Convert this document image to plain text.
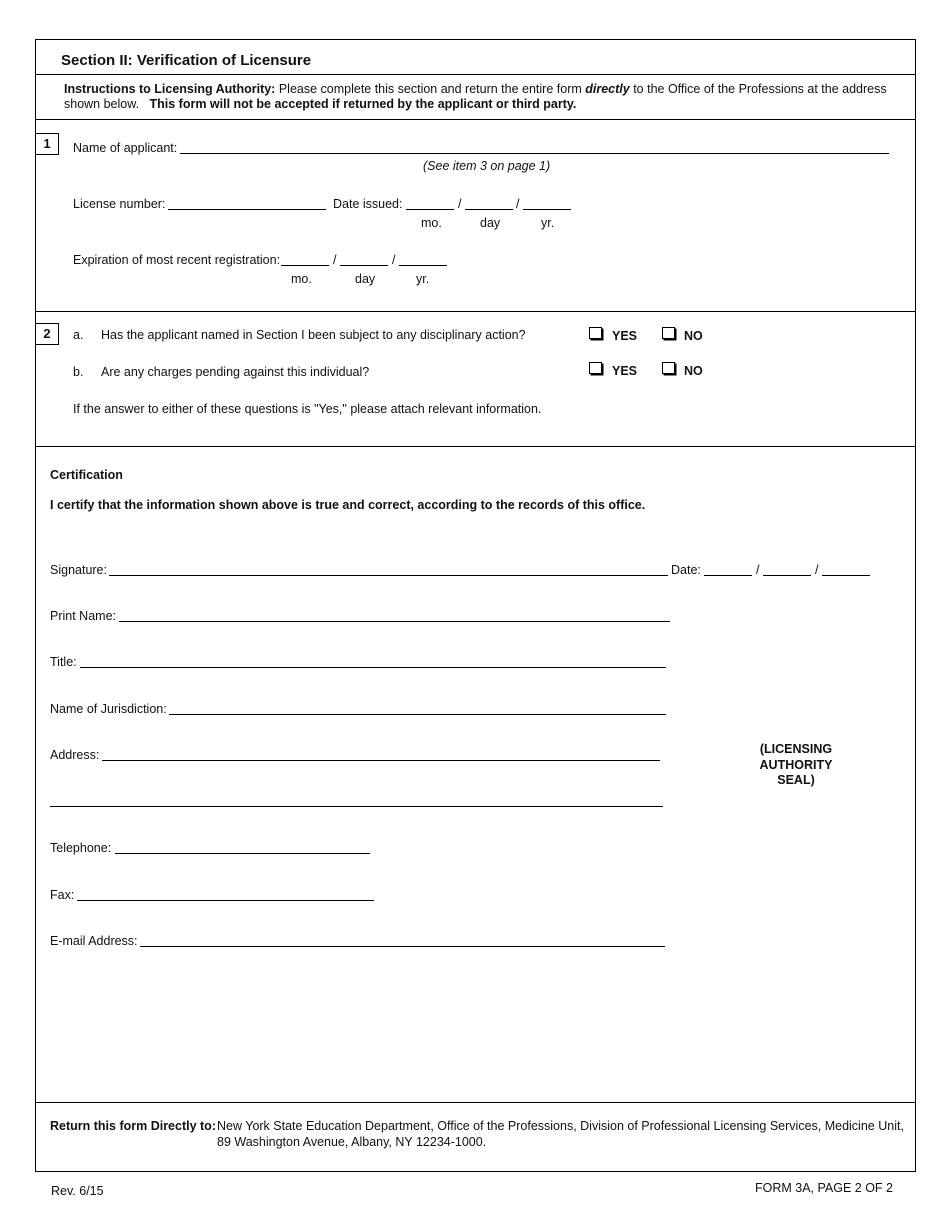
Section II: Verification of Licensure
Instructions to Licensing Authority: Please complete this section and return the entire form directly to the Office of the Professions at the address
shown below. This form will not be accepted if returned by the applicant or third party.
1	Name of applicant:
(See item 3 on page 1)
License number:	Date issued:	/	/
mo.	day	yr.
Expiration of most recent registration:	/	/
mo.	day	yr.
2	a. Has the applicant named in Section I been subject to any disciplinary action?	YES	NO
b. Are any charges pending against this individual?	YES	NO
If the answer to either of these questions is "Yes," please attach relevant information.
Certification
I certify that the information shown above is true and correct, according to the records of this office.
Signature:	Date:	/	/
Print Name:
Title:
Name of Jurisdiction:
Address:	(LICENSING
AUTHORITY
SEAL)
Telephone:
Fax:
E-mail Address:
Return this form Directly to: New York State Education Department, Office of the Professions, Division of Professional Licensing Services, Medicine Unit,
89 Washington Avenue, Albany, NY 12234-1000.
Rev. 6/15	FORM 3A, PAGE 2 OF 2
